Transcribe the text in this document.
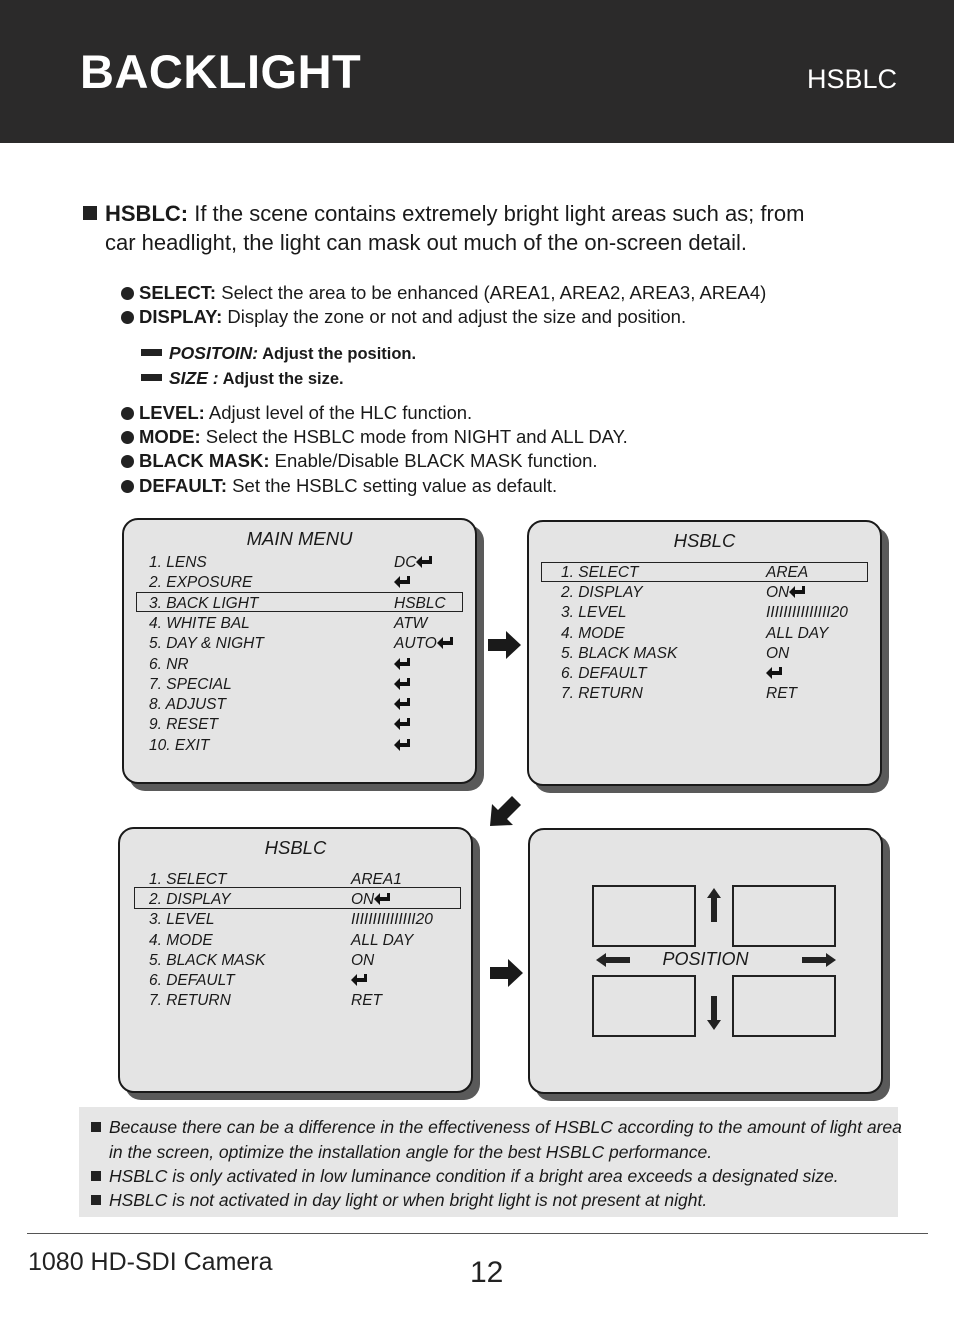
BACKLIGHT	HSBLC
HSBLC: If the scene contains extremely bright light areas such as; from
car headlight, the light can mask out much of the on-screen detail.
SELECT: Select the area to be enhanced (AREA1, AREA2, AREA3, AREA4)
DISPLAY: Display the zone or not and adjust the size and position.
POSITOIN: Adjust the position.
SIZE : Adjust the size.
LEVEL: Adjust level of the HLC function.
MODE: Select the HSBLC mode from NIGHT and ALL DAY.
BLACK MASK: Enable/Disable BLACK MASK function.
DEFAULT: Set the HSBLC setting value as default.
MAIN MENU
1. LENS	DC
2. EXPOSURE
3. BACK LIGHT	HSBLC
4. WHITE BAL	ATW
5. DAY & NIGHT	AUTO
6. NR
7. SPECIAL
8. ADJUST
9. RESET
10. EXIT
HSBLC
1. SELECT	AREA
2. DISPLAY	ON
3. LEVEL	IIIIIIIIIIIIIII20
4. MODE	ALL DAY
5. BLACK MASK	ON
6. DEFAULT
7. RETURN	RET
HSBLC
1. SELECT	AREA1
2. DISPLAY	ON
3. LEVEL	IIIIIIIIIIIIIII20
4. MODE	ALL DAY
5. BLACK MASK	ON
6. DEFAULT
7. RETURN	RET
POSITION
Because there can be a difference in the effectiveness of HSBLC according to the amount of light area
in the screen, optimize the installation angle for the best HSBLC performance.
HSBLC is only activated in low luminance condition if a bright area exceeds a designated size.
HSBLC is not activated in day light or when bright light is not present at night.
1080 HD-SDI Camera	12
